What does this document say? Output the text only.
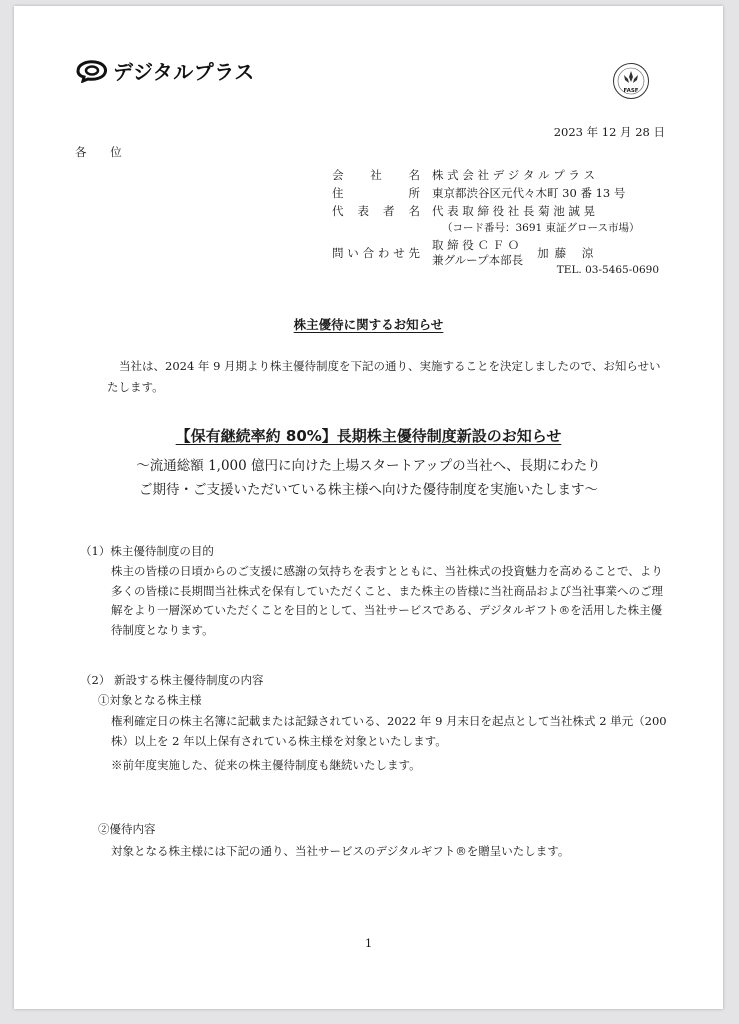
デジタルプラス
FASF
2023 年 12 月 28 日
各 位
会 社 名 株 式 会 社 デ ジ タ ル プ ラ ス
住 所 東京都渋谷区元代々木町 30 番 13 号
代 表 者 名 代 表 取 締 役 社 長 菊 池 誠 晃
（コード番号：3691 東証グロース市場）
問い合わせ先
取 締 役 Ｃ Ｆ Ｏ
兼グループ本部長 加藤 涼
TEL. 03-5465-0690
株主優待に関するお知らせ
当社は、2024 年 9 月期より株主優待制度を下記の通り、実施することを決定しましたので、お知らせいたします。
【保有継続率約 80%】長期株主優待制度新設のお知らせ
〜流通総額 1,000 億円に向けた上場スタートアップの当社へ、長期にわたり
ご期待・ご支援いただいている株主様へ向けた優待制度を実施いたします〜
（1）株主優待制度の目的
株主の皆様の日頃からのご支援に感謝の気持ちを表すとともに、当社株式の投資魅力を高めることで、より多くの皆様に長期間当社株式を保有していただくこと、また株主の皆様に当社商品および当社事業へのご理解をより一層深めていただくことを目的として、当社サービスである、デジタルギフト®を活用した株主優待制度となります。
（2） 新設する株主優待制度の内容
①対象となる株主様
権利確定日の株主名簿に記載または記録されている、2022 年 9 月末日を起点として当社株式 2 単元（200 株）以上を 2 年以上保有されている株主様を対象といたします。
※前年度実施した、従来の株主優待制度も継続いたします。
②優待内容
対象となる株主様には下記の通り、当社サービスのデジタルギフト®を贈呈いたします。
1
